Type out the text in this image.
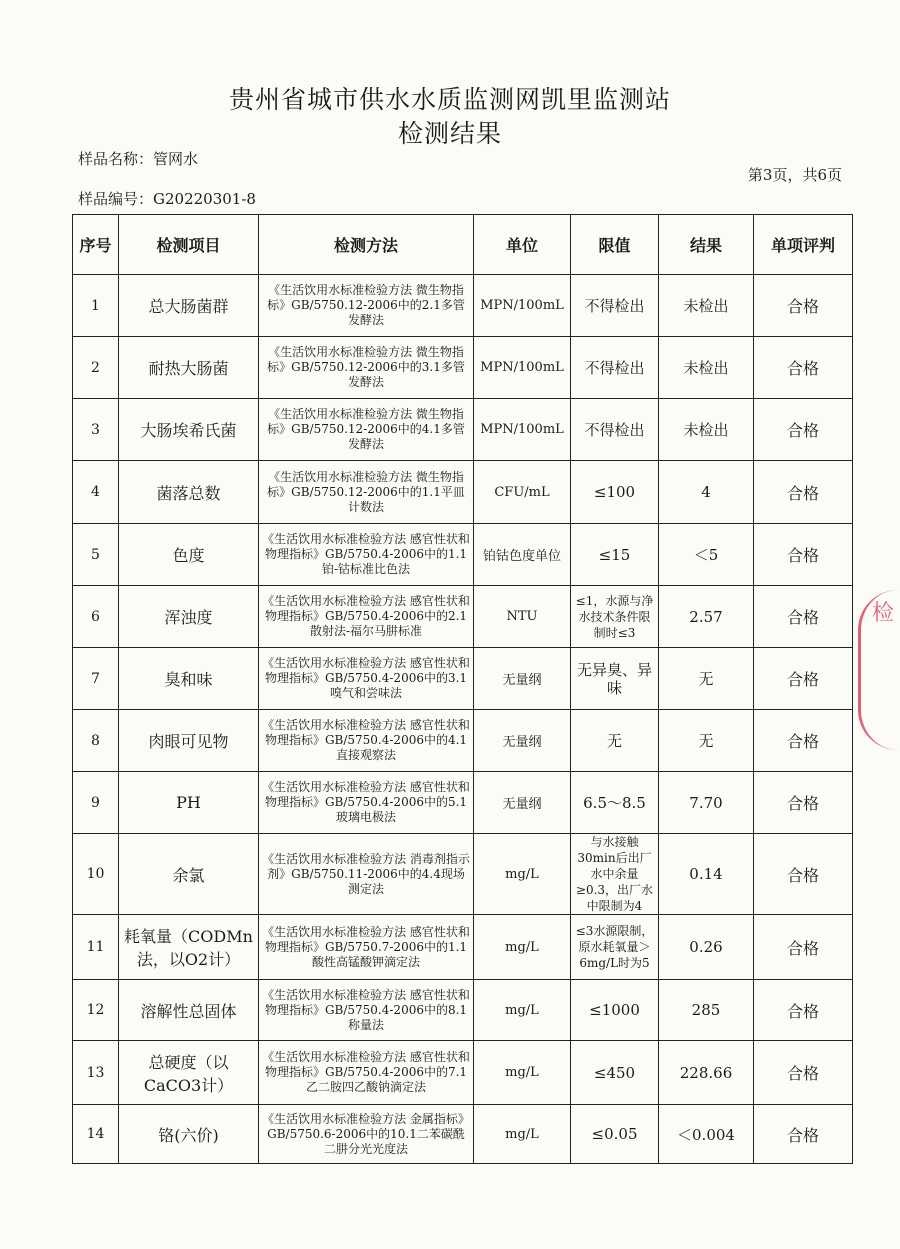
贵州省城市供水水质监测网凯里监测站
检测结果
样品名称：管网水
第3页，共6页
样品编号：G20220301-8
序号	检测项目	检测方法	单位	限值	结果	单项评判
1	总大肠菌群	《生活饮用水标准检验方法 微生物指标》GB/5750.12-2006中的2.1多管发酵法	MPN/100mL	不得检出	未检出	合格
2	耐热大肠菌	《生活饮用水标准检验方法 微生物指标》GB/5750.12-2006中的3.1多管发酵法	MPN/100mL	不得检出	未检出	合格
3	大肠埃希氏菌	《生活饮用水标准检验方法 微生物指标》GB/5750.12-2006中的4.1多管发酵法	MPN/100mL	不得检出	未检出	合格
4	菌落总数	《生活饮用水标准检验方法 微生物指标》GB/5750.12-2006中的1.1平皿计数法	CFU/mL	≤100	4	合格
5	色度	《生活饮用水标准检验方法 感官性状和物理指标》GB/5750.4-2006中的1.1铂-钴标准比色法	铂钴色度单位	≤15	＜5	合格
6	浑浊度	《生活饮用水标准检验方法 感官性状和物理指标》GB/5750.4-2006中的2.1散射法-福尔马肼标准	NTU	≤1，水源与净水技术条件限制时≤3	2.57	合格
7	臭和味	《生活饮用水标准检验方法 感官性状和物理指标》GB/5750.4-2006中的3.1嗅气和尝味法	无量纲	无异臭、异味	无	合格
8	肉眼可见物	《生活饮用水标准检验方法 感官性状和物理指标》GB/5750.4-2006中的4.1直接观察法	无量纲	无	无	合格
9	PH	《生活饮用水标准检验方法 感官性状和物理指标》GB/5750.4-2006中的5.1玻璃电极法	无量纲	6.5～8.5	7.70	合格
10	余氯	《生活饮用水标准检验方法 消毒剂指示剂》GB/5750.11-2006中的4.4现场测定法	mg/L	与水接触30min后出厂水中余量≥0.3，出厂水中限制为4	0.14	合格
11	耗氧量（CODMn法，以O2计）	《生活饮用水标准检验方法 感官性状和物理指标》GB/5750.7-2006中的1.1酸性高锰酸钾滴定法	mg/L	≤3水源限制，原水耗氧量＞6mg/L时为5	0.26	合格
12	溶解性总固体	《生活饮用水标准检验方法 感官性状和物理指标》GB/5750.4-2006中的8.1称量法	mg/L	≤1000	285	合格
13	总硬度（以CaCO3计）	《生活饮用水标准检验方法 感官性状和物理指标》GB/5750.4-2006中的7.1乙二胺四乙酸钠滴定法	mg/L	≤450	228.66	合格
14	铬(六价)	《生活饮用水标准检验方法 金属指标》GB/5750.6-2006中的10.1二苯碳酰二肼分光光度法	mg/L	≤0.05	＜0.004	合格
检
